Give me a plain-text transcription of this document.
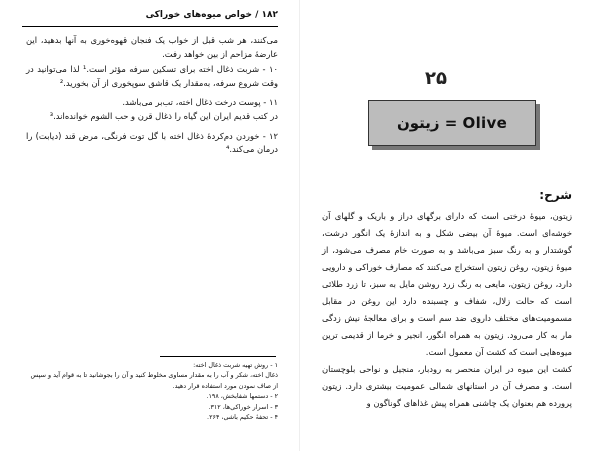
۱۸۲ / خواص میوه‌های خوراکی

می‌کنند، هر شب قبل از خواب یک فنجان قهوه‌خوری به آنها بدهید، این عارضهٔ مزاحم از بین خواهد رفت.

۱۰ - شربت ذغال اخته برای تسکین سرفه مؤثر است.¹ لذا می‌توانید در وقت شروع سرفه، به‌مقدار یک قاشق سوپخوری از آن بخورید.²

۱۱ - پوست درخت ذغال اخته، تب‌بر می‌باشد.

در کتب قدیم ایران این گیاه را ذغال قرن و حب الشوم خوانده‌اند.³

۱۲ - خوردن دم‌کردهٔ ذغال اخته با گل توت فرنگی، مرض قند (دیابت) را درمان می‌کند.⁴

۱ - روش تهیه شربت ذغال اخته:

ذغال اخته، شکر و آب را به مقدار مساوی مخلوط کنید و آن را بجوشانید تا به قوام آید و سپس از صاف نمودن مورد استفاده قرار دهید.

۲ - دستمها شفابخش، ۱۹۸.

۳ - اسرار خوراکی‌ها، ۳۱۲.

۴ - تحفهٔ حکیم باشی، ۲۶۴.

۲۵
زیتون = Olive
شرح:

زیتون، میوهٔ درختی است که دارای برگهای دراز و باریک و گلهای آن خوشه‌ای است. میوهٔ آن بیضی شکل و به اندازهٔ یک انگور درشت، گوشتدار و به رنگ سبز می‌باشد و به صورت خام مصرف می‌شود، از میوهٔ زیتون، روغن زیتون استخراج می‌کنند که مصارف خوراکی و دارویی دارد، روغن زیتون، مایعی به رنگ زرد روشن مایل به سبز، تا زرد طلائی است که حالت زلال، شفاف و چسبنده دارد این روغن در مقابل مسمومیت‌های مختلف داروی ضد سم است و برای معالجهٔ نیش زدگی مار به کار می‌رود. زیتون به همراه انگور، انجیر و خرما از قدیمی ترین میوه‌هایی است که کشت آن معمول است.

کشت این میوه در ایران منحصر به رودبار، منجیل و نواحی بلوچستان است. و مصرف آن در استانهای شمالی عمومیت بیشتری دارد. زیتون پرورده هم بعنوان یک چاشنی همراه پیش غذاهای گوناگون و
